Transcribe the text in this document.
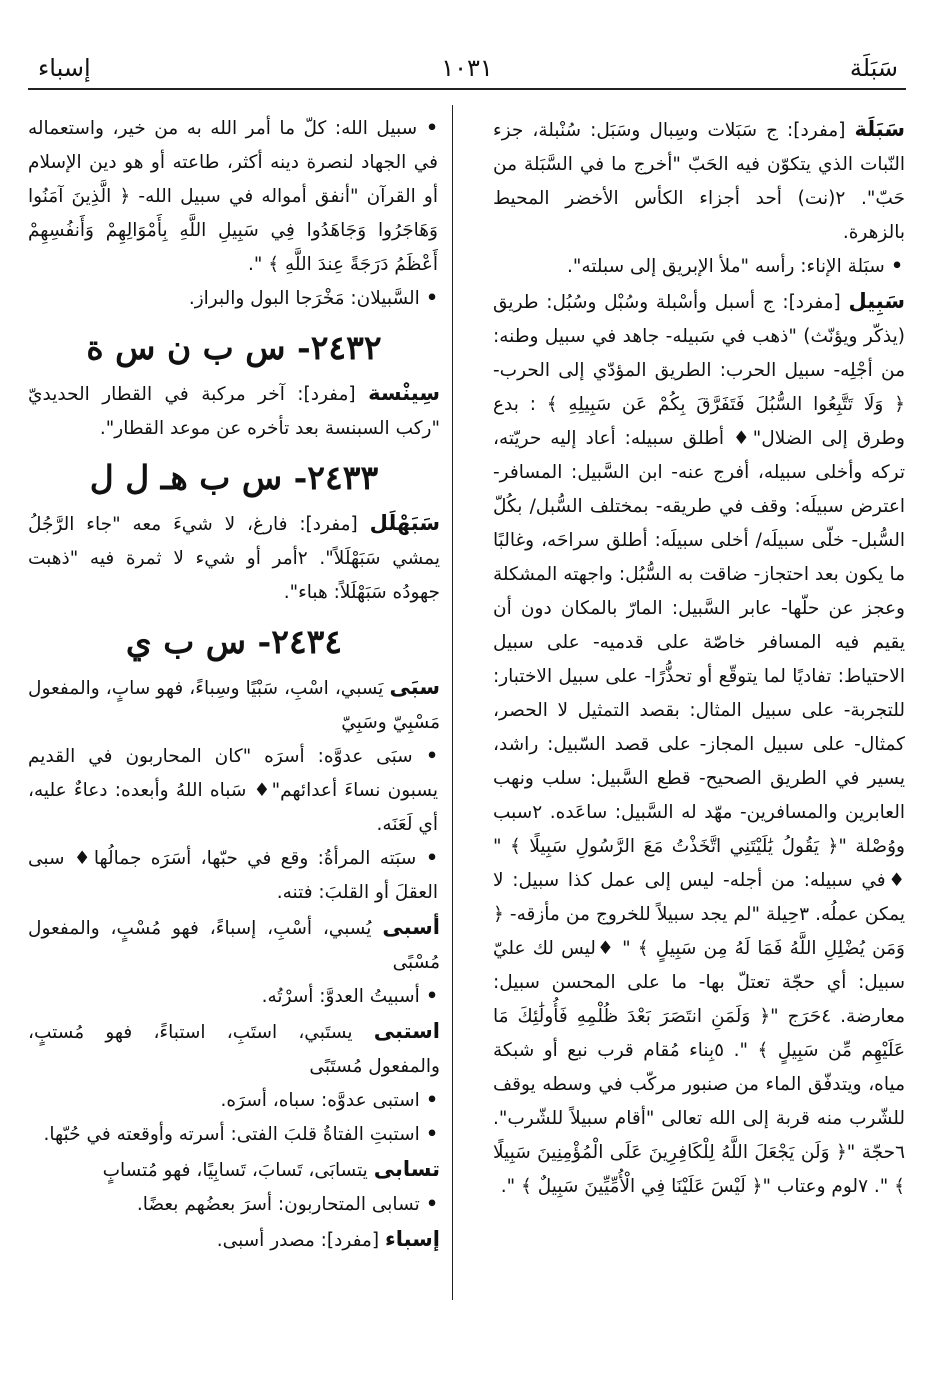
سَبَلَة
١٠٣١
إسباء

سَبَلَة [مفرد]: ج سَبَلات وسِبال وسَبَل: سُنْبلة، جزء النّبات الذي يتكوّن فيه الحَبّ "أخرج ما في السَّبَلة من حَبّ". ٢(نت) أحد أجزاء الكأس الأخضر المحيط بالزهرة.

• سبَلة الإناء: رأسه "ملأ الإبريق إلى سبلته".

سَبِيل [مفرد]: ج أسبل وأسْبلة وسُبْل وسُبُل: طريق (يذكّر ويؤنّث) "ذهب في سَبيله- جاهد في سبيل وطنه: من أجْلِه- سبيل الحرب: الطريق المؤدّي إلى الحرب- ﴿ وَلَا تَتَّبِعُوا السُّبُلَ فَتَفَرَّقَ بِكُمْ عَن سَبِيلِهِ ﴾ : بدع وطرق إلى الضلال"♦ أطلق سبيله: أعاد إليه حريّته، تركه وأخلى سبيله، أفرج عنه- ابن السَّبيل: المسافر- اعترض سبيلَه: وقف في طريقه- بمختلف السُّبل/ بكُلّ السُّبل- خلّى سبيلَه/ أخلى سبيلَه: أطلق سراحَه، وغالبًا ما يكون بعد احتجاز- ضاقت به السُّبُل: واجهته المشكلة وعجز عن حلّها- عابر السَّبيل: المارّ بالمكان دون أن يقيم فيه المسافر خاصّة على قدميه- على سبيل الاحتياط: تفاديًا لما يتوقّع أو تحذُّرًا- على سبيل الاختبار: للتجربة- على سبيل المثال: بقصد التمثيل لا الحصر، كمثال- على سبيل المجاز- على قصد السّبيل: راشد، يسير في الطريق الصحيح- قطع السَّبيل: سلب ونهب العابرين والمسافرين- مهّد له السَّبيل: ساعَده. ٢سبب ووُصْلة "﴿ يَقُولُ يَٰلَيْتَنِي اتَّخَذْتُ مَعَ الرَّسُولِ سَبِيلًا ﴾ " ♦في سبيله: من أجله- ليس إلى عمل كذا سبيل: لا يمكن عملُه. ٣حِيلة "لم يجد سبيلاً للخروج من مأزقه- ﴿ وَمَن يُضْلِلِ اللَّهُ فَمَا لَهُ مِن سَبِيلٍ ﴾ " ♦ليس لك عليّ سبيل: أي حجّة تعتلّ بها- ما على المحسن سبيل: معارضة. ٤حَرَج "﴿ وَلَمَنِ انتَصَرَ بَعْدَ ظُلْمِهِ فَأُولَٰئِكَ مَا عَلَيْهِم مِّن سَبِيلٍ ﴾ ". ٥بِناء مُقام قرب نبع أو شبكة مياه، ويتدفّق الماء من صنبور مركّب في وسطه يوقف للشّرب منه قربة إلى الله تعالى "أقام سبيلاً للشّرب". ٦حجّة "﴿ وَلَن يَجْعَلَ اللَّهُ لِلْكَافِرِينَ عَلَى الْمُؤْمِنِينَ سَبِيلًا ﴾ ". ٧لوم وعتاب "﴿ لَيْسَ عَلَيْنَا فِي الْأُمِّيِّينَ سَبِيلٌ ﴾ ".

• سبيل الله: كلّ ما أمر الله به من خير، واستعماله في الجهاد لنصرة دينه أكثر، طاعته أو هو دين الإسلام أو القرآن "أنفق أمواله في سبيل الله- ﴿ الَّذِينَ آمَنُوا وَهَاجَرُوا وَجَاهَدُوا فِي سَبِيلِ اللَّهِ بِأَمْوَالِهِمْ وَأَنفُسِهِمْ أَعْظَمُ دَرَجَةً عِندَ اللَّهِ ﴾ ".

• السَّبيلان: مَخْرَجا البول والبراز.

٢٤٣٢- س ب ن س ة

سِينْسة [مفرد]: آخر مركبة في القطار الحديديّ "ركب السبنسة بعد تأخره عن موعد القطار".

٢٤٣٣- س ب هـ ل ل

سَبَهْلَل [مفرد]: فارغ، لا شيءَ معه "جاء الرَّجُلُ يمشي سَبَهْلَلاً". ٢أمر أو شيء لا ثمرة فيه "ذهبت جهودُه سَبَهْلَلاً: هباء".

٢٤٣٤- س ب ي

سبَى يَسبي، اسْبِ، سَبْيًا وسِباءً، فهو سابٍ، والمفعول مَسْبِيّ وسَبِيّ

• سبَى عدوَّه: أسرَه "كان المحاربون في القديم يسبون نساءَ أعدائهم"♦ سَباه اللهُ وأبعده: دعاءٌ عليه، أي لَعَنَه.

• سبَته المرأةُ: وقع في حبّها، أسَرَه جمالُها♦ سبى العقلَ أو القلبَ: فتنه.

أسبى يُسبي، أسْبِ، إسباءً، فهو مُسْبٍ، والمفعول مُسْبًى

• أسبيتُ العدوَّ: أسرْتُه.

استبى يستَبي، استَبِ، استباءً، فهو مُستبٍ، والمفعول مُستَبًى

• استبى عدوَّه: سباه، أسرَه.

• استبتِ الفتاةُ قلبَ الفتى: أسرته وأوقعته في حُبّها.

تسابى يتسابَى، تَسابَ، تَسابِيًا، فهو مُتسابٍ

• تسابى المتحاربون: أسرَ بعضُهم بعضًا.

إسباء [مفرد]: مصدر أسبى.
